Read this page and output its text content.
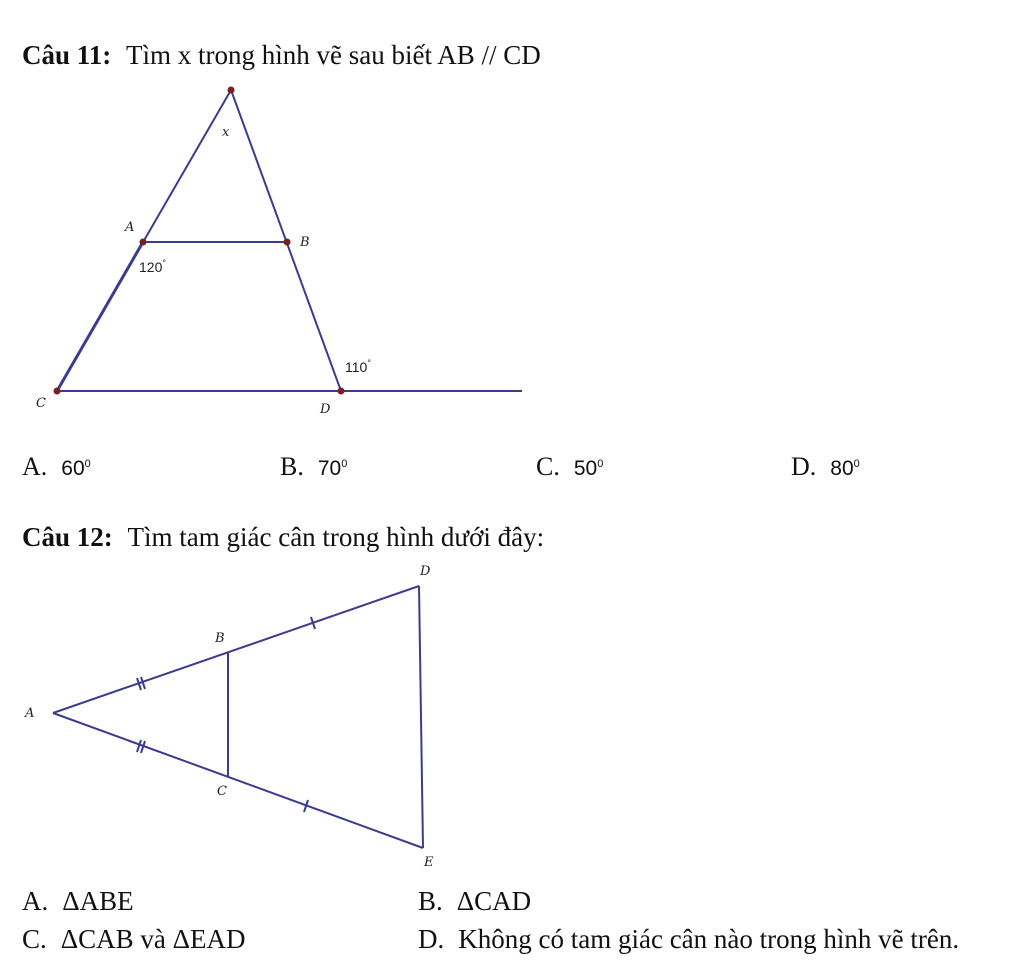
Câu 11: Tìm x trong hình vẽ sau biết AB // CD
x
A
B
C	D
120°
110°
A
B
C
D
E
A. $60^0$	B. $70^0$	C. $50^0$	D. $80^0$
Câu 12: Tìm tam giác cân trong hình dưới đây:
A. ΔABE	B. ΔCAD
C. ΔCAB và ΔEAD	D. Không có tam giác cân nào trong hình vẽ trên.
